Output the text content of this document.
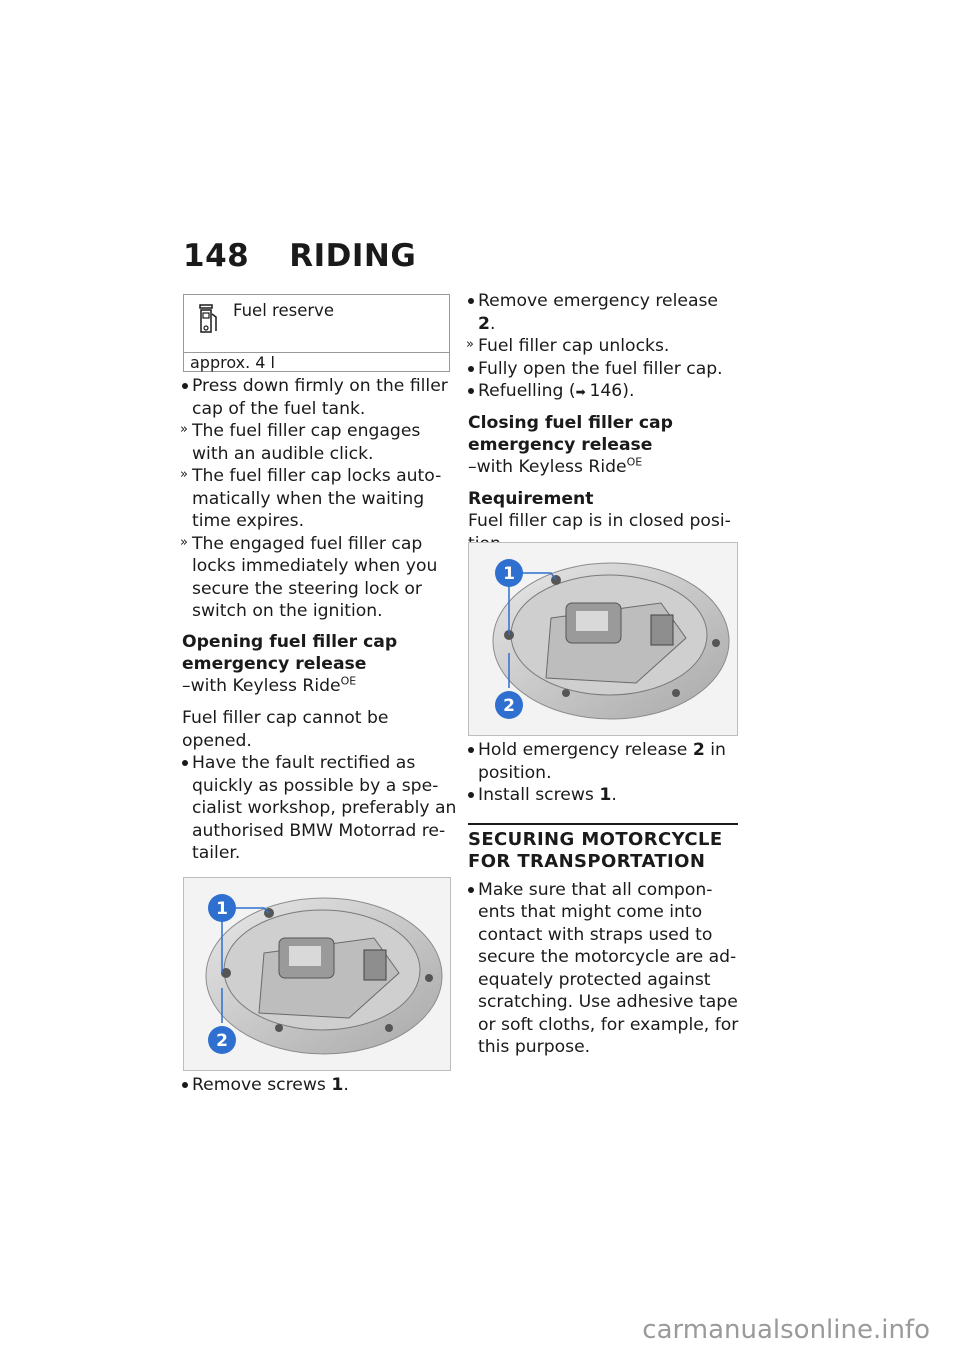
148 RIDING
Fuel reserve
approx. 4 l
Press down firmly on the filler
cap of the fuel tank.
» The fuel filler cap engages
with an audible click.
» The fuel filler cap locks auto-
matically when the waiting
time expires.
» The engaged fuel filler cap
locks immediately when you
secure the steering lock or
switch on the ignition.
Opening fuel filler cap
emergency release
–with Keyless Ride$^{OE}$
Fuel filler cap cannot be
opened.
Have the fault rectified as
quickly as possible by a spe-
cialist workshop, preferably an
authorised BMW Motorrad re-
tailer.
1
2
Remove screws 1.
Remove emergency release 2.
» Fuel filler cap unlocks.
Fully open the fuel filler cap.
Refuelling (➡ 146).
Closing fuel filler cap
emergency release
–with Keyless Ride$^{OE}$
Requirement
Fuel filler cap is in closed posi-
1
2
Hold emergency release 2 in
position.
Install screws 1.
SECURING MOTORCYCLE
FOR TRANSPORTATION
Make sure that all compon-
ents that might come into
contact with straps used to
secure the motorcycle are ad-
equately protected against
scratching. Use adhesive tape
or soft cloths, for example, for
this purpose.
carmanualsonline.info
